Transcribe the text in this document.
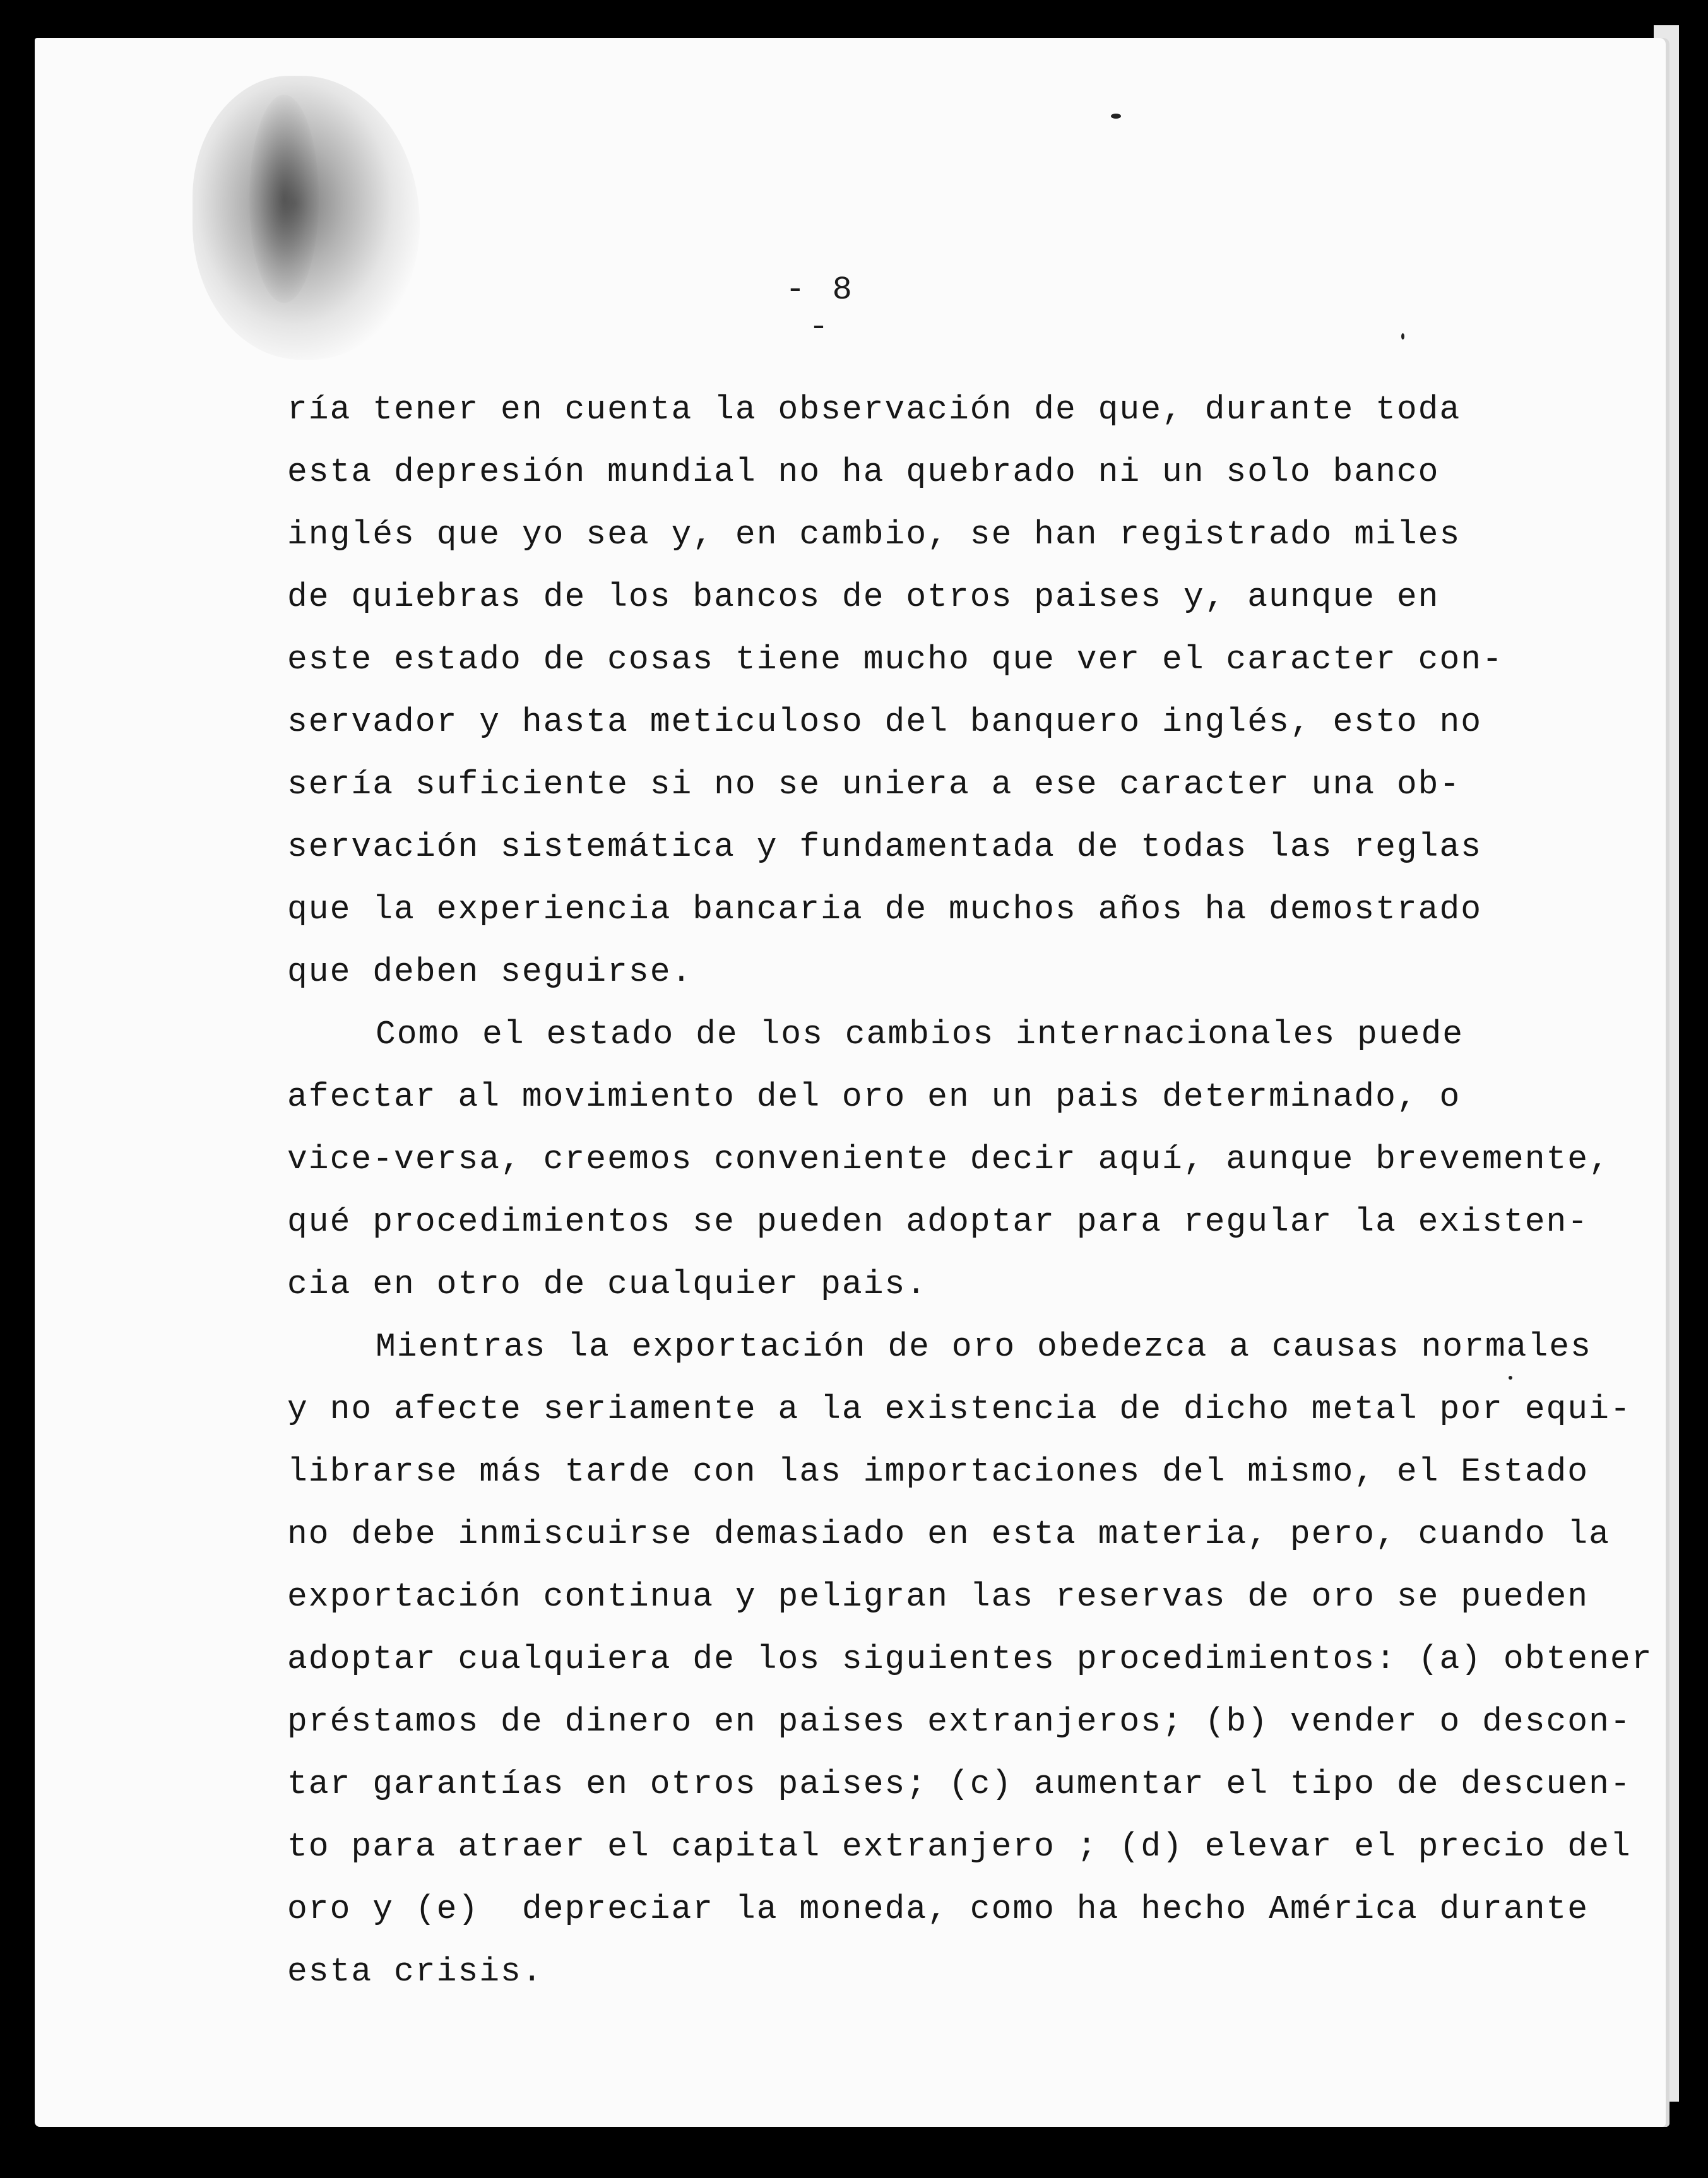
- 8 -
ría tener en cuenta la observación de que, durante toda
esta depresión mundial no ha quebrado ni un solo banco
inglés que yo sea y, en cambio, se han registrado miles
de quiebras de los bancos de otros paises y, aunque en
este estado de cosas tiene mucho que ver el caracter con-
servador y hasta meticuloso del banquero inglés, esto no
sería suficiente si no se uniera a ese caracter una ob-
servación sistemática y fundamentada de todas las reglas
que la experiencia bancaria de muchos años ha demostrado
que deben seguirse.
Como el estado de los cambios internacionales puede
afectar al movimiento del oro en un pais determinado, o
vice-versa, creemos conveniente decir aquí, aunque brevemente,
qué procedimientos se pueden adoptar para regular la existen-
cia en otro de cualquier pais.
Mientras la exportación de oro obedezca a causas normales
y no afecte seriamente a la existencia de dicho metal por equi-
librarse más tarde con las importaciones del mismo, el Estado
no debe inmiscuirse demasiado en esta materia, pero, cuando la
exportación continua y peligran las reservas de oro se pueden
adoptar cualquiera de los siguientes procedimientos: (a) obtener
préstamos de dinero en paises extranjeros; (b) vender o descon-
tar garantías en otros paises; (c) aumentar el tipo de descuen-
to para atraer el capital extranjero ; (d) elevar el precio del
oro y (e)  depreciar la moneda, como ha hecho América durante
esta crisis.
